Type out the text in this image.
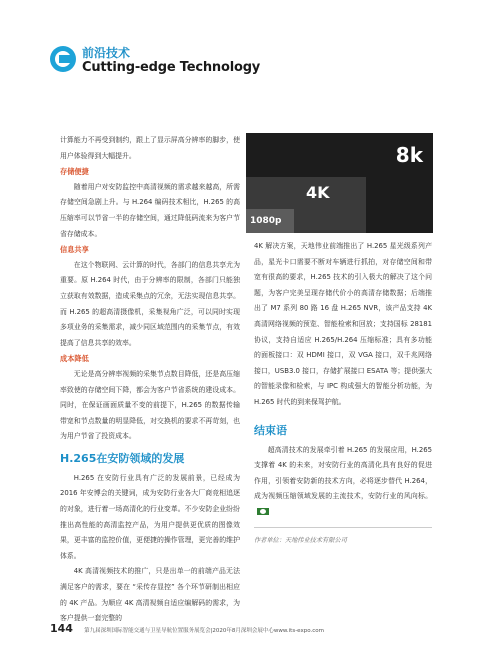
前沿技术
Cutting-edge Technology
8k
4K
1080p

计算能力不再受到制约，跟上了显示屏高分辨率的脚步，使用户体验得到大幅提升。

存储便捷

随着用户对安防监控中高清视频的需求越来越高，所需存储空间急剧上升。与 H.264 编码技术相比，H.265 的高压缩率可以节省一半的存储空间，通过降低码流来为客户节省存储成本。

信息共享

在这个物联网、云计算的时代，各部门的信息共享尤为重要。原 H.264 时代，由于分辨率的限制，各部门只能独立获取有效数据，造成采集点的冗余，无法实现信息共享。而 H.265 的超高清摄像机，采集视角广泛，可以同时实现多项业务的采集需求，减少同区域范围内的采集节点，有效提高了信息共享的效率。

成本降低

无论是高分辨率视频的采集节点数目降低，还是高压缩率致使的存储空间下降，都会为客户节省系统的建设成本。同时，在保证画面质量不变的前提下，H.265 的数据传输带宽和节点数量的明显降低，对交换机的要求不再苛刻，也为用户节省了投资成本。

H.265在安防领域的发展

H.265 在安防行业具有广泛的发展前景，已经成为 2016 年安博会的关键词，成为安防行业各大厂商竞相追逐的对象，进行着一场高清化的行业变革。不少安防企业纷纷推出高性能的高清监控产品，为用户提供更优质的图像效果，更丰富的监控价值，更便捷的操作管理，更完善的维护体系。

4K 高清视频技术的推广，只是出单一的前端产品无法满足客户的需求，要在 “采传存显控” 各个环节研制出相应的 4K 产品。为顺应 4K 高清视频自适应编解码的需求，为客户提供一套完整的

4K 解决方案，天地伟业前端推出了 H.265 星光级系列产品，星光卡口需要不断对车辆进行抓拍，对存储空间和带宽有很高的要求，H.265 技术的引入极大的解决了这个问题，为客户完美呈现存储代价小的高清存储数据；后端推出了 M7 系列 80 路 16 盘 H.265 NVR，该产品支持 4K 高清网络视频的预览、智能检索和回放；支持国标 28181 协议，支持自适应 H.265/H.264 压缩标准；具有多功能的面板接口：双 HDMI 接口，双 VGA 接口，双千兆网络接口，USB3.0 接口，存储扩展接口 ESATA 等；提供强大的智能录像和检索，与 IPC 构成强大的智能分析功能，为 H.265 时代的到来保驾护航。

结束语

超高清技术的发展牵引着 H.265 的发展应用，H.265 支撑着 4K 的未来，对安防行业的高清化具有良好的促进作用，引领着安防新的技术方向，必将逐步替代 H.264，成为视频压缩领域发展的主流技术，安防行业的风向标。

作者单位：天地伟业技术有限公司
144 第九届深圳国际智能交通与卫星导航位置服务展览会|2020年8月深圳会展中心www.its-expo.com
